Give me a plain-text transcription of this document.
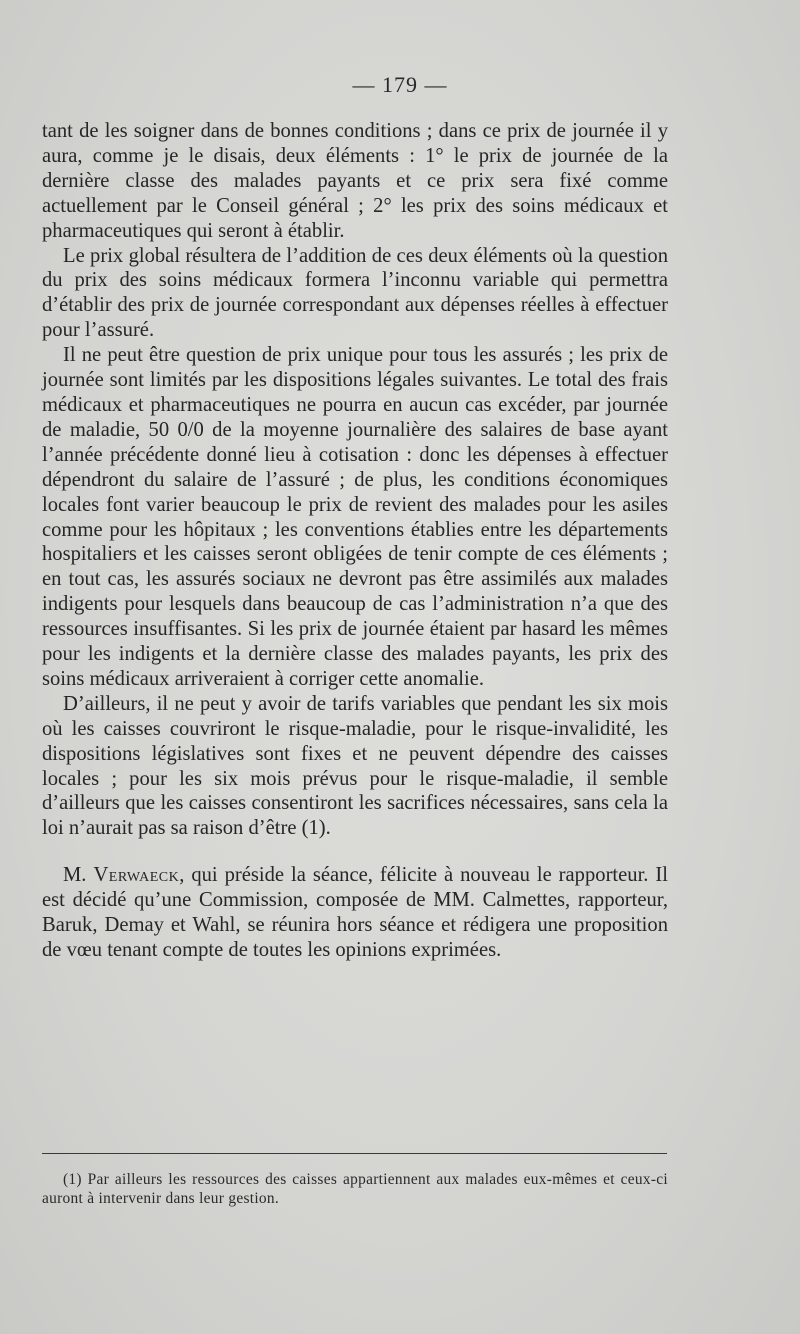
— 179 —

tant de les soigner dans de bonnes conditions ; dans ce prix de journée il y aura, comme je le disais, deux éléments : 1° le prix de journée de la dernière classe des malades payants et ce prix sera fixé comme actuellement par le Conseil général ; 2° les prix des soins médicaux et pharmaceutiques qui seront à établir.

Le prix global résultera de l’addition de ces deux éléments où la question du prix des soins médicaux formera l’inconnu variable qui permettra d’établir des prix de journée correspondant aux dépenses réelles à effectuer pour l’assuré.

Il ne peut être question de prix unique pour tous les assurés ; les prix de journée sont limités par les dispositions légales suivantes. Le total des frais médicaux et pharmaceutiques ne pourra en aucun cas excéder, par journée de maladie, 50 0/0 de la moyenne journalière des salaires de base ayant l’année précédente donné lieu à cotisation : donc les dépenses à effectuer dépendront du salaire de l’assuré ; de plus, les conditions économiques locales font varier beaucoup le prix de revient des malades pour les asiles comme pour les hôpitaux ; les conventions établies entre les départements hospitaliers et les caisses seront obligées de tenir compte de ces éléments ; en tout cas, les assurés sociaux ne devront pas être assimilés aux malades indigents pour lesquels dans beaucoup de cas l’administration n’a que des ressources insuffisantes. Si les prix de journée étaient par hasard les mêmes pour les indigents et la dernière classe des malades payants, les prix des soins médicaux arriveraient à corriger cette anomalie.

D’ailleurs, il ne peut y avoir de tarifs variables que pendant les six mois où les caisses couvriront le risque-maladie, pour le risque-invalidité, les dispositions législatives sont fixes et ne peuvent dépendre des caisses locales ; pour les six mois prévus pour le risque-maladie, il semble d’ailleurs que les caisses consentiront les sacrifices nécessaires, sans cela la loi n’aurait pas sa raison d’être (1).

M. Verwaeck, qui préside la séance, félicite à nouveau le rapporteur. Il est décidé qu’une Commission, composée de MM. Calmettes, rapporteur, Baruk, Demay et Wahl, se réunira hors séance et rédigera une proposition de vœu tenant compte de toutes les opinions exprimées.

(1) Par ailleurs les ressources des caisses appartiennent aux malades eux-mêmes et ceux-ci auront à intervenir dans leur gestion.
